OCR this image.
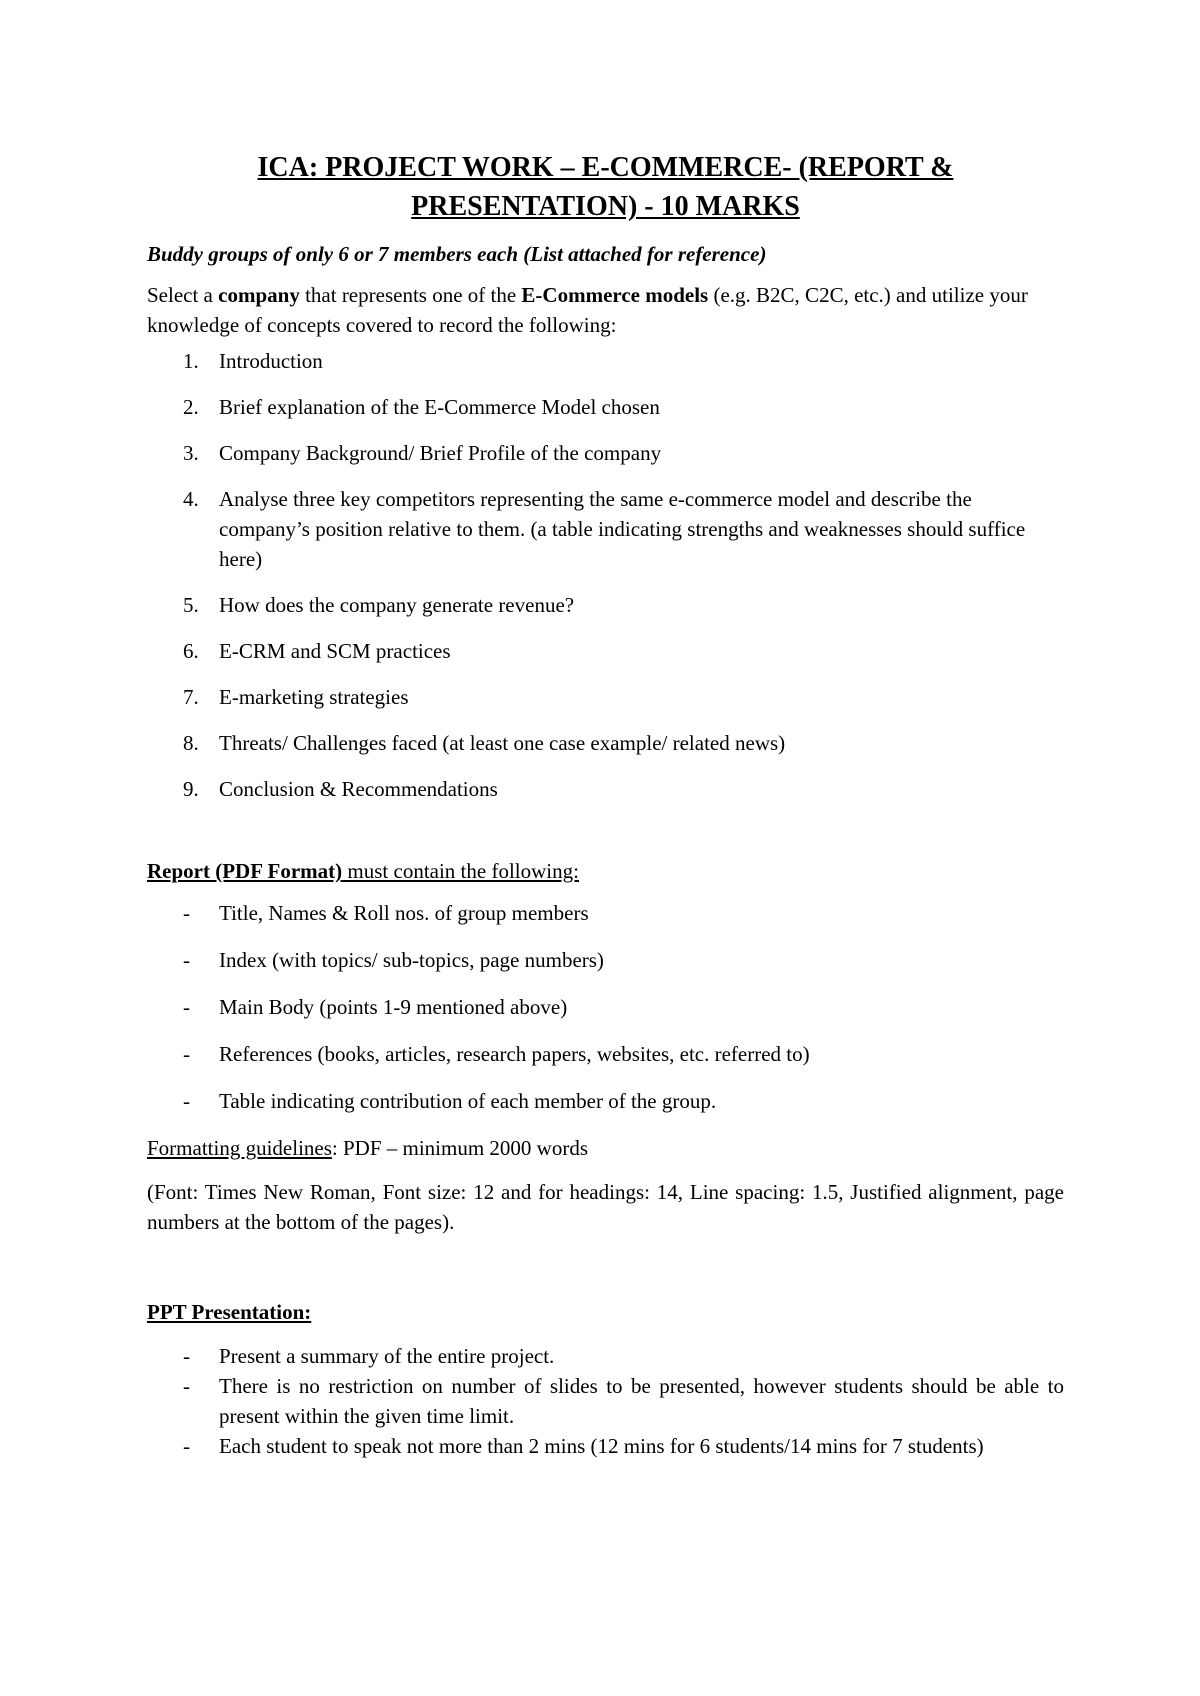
ICA: PROJECT WORK – E-COMMERCE- (REPORT & PRESENTATION) - 10 MARKS

Buddy groups of only 6 or 7 members each (List attached for reference)

Select a company that represents one of the E-Commerce models (e.g. B2C, C2C, etc.) and utilize your knowledge of concepts covered to record the following:

1. Introduction
2. Brief explanation of the E-Commerce Model chosen
3. Company Background/ Brief Profile of the company
4. Analyse three key competitors representing the same e-commerce model and describe the company’s position relative to them. (a table indicating strengths and weaknesses should suffice here)
5. How does the company generate revenue?
6. E-CRM and SCM practices
7. E-marketing strategies
8. Threats/ Challenges faced (at least one case example/ related news)
9. Conclusion & Recommendations

Report (PDF Format) must contain the following:

- Title, Names & Roll nos. of group members
- Index (with topics/ sub-topics, page numbers)
- Main Body (points 1-9 mentioned above)
- References (books, articles, research papers, websites, etc. referred to)
- Table indicating contribution of each member of the group.

Formatting guidelines: PDF – minimum 2000 words

(Font: Times New Roman, Font size: 12 and for headings: 14, Line spacing: 1.5, Justified alignment, page numbers at the bottom of the pages).

PPT Presentation:

- Present a summary of the entire project.
- There is no restriction on number of slides to be presented, however students should be able to present within the given time limit.
- Each student to speak not more than 2 mins (12 mins for 6 students/14 mins for 7 students)
